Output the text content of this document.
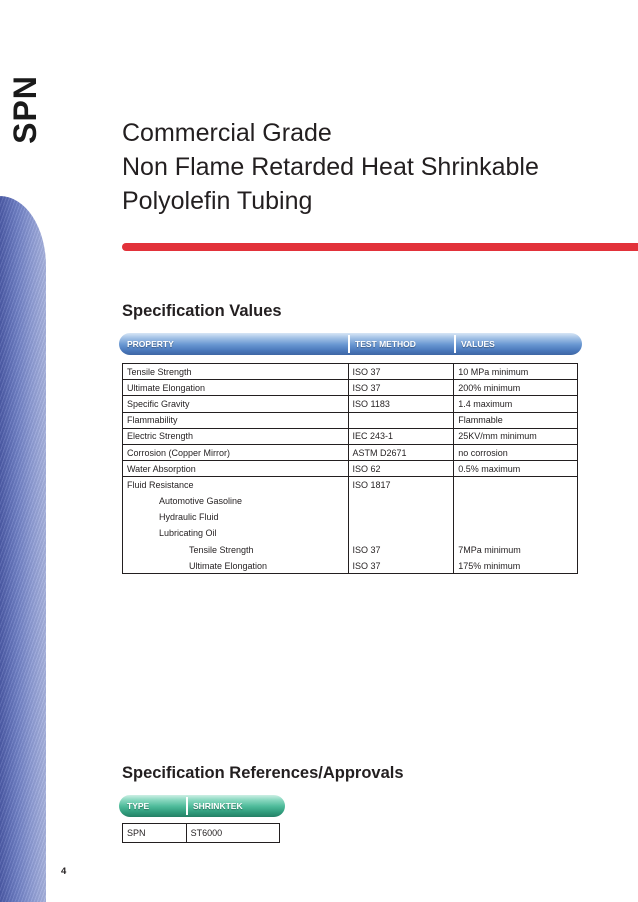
SPN	Commercial Grade
Non Flame Retarded Heat Shrinkable
Polyolefin Tubing
Specification Values
PROPERTY	TEST METHOD	VALUES
Tensile Strength	ISO 37	10 MPa minimum
Ultimate Elongation	ISO 37	200% minimum
Specific Gravity	ISO 1183	1.4 maximum
Flammability		Flammable
Electric Strength	IEC 243-1	25KV/mm minimum
Corrosion (Copper Mirror)	ASTM D2671	no corrosion
Water Absorption	ISO 62	0.5% maximum
Fluid Resistance	ISO 1817	
Automotive Gasoline		
Hydraulic Fluid		
Lubricating Oil		
Tensile Strength	ISO 37	7MPa minimum
Ultimate Elongation	ISO 37	175% minimum
Specification References/Approvals
TYPE	SHRINKTEK
SPN	ST6000
4
